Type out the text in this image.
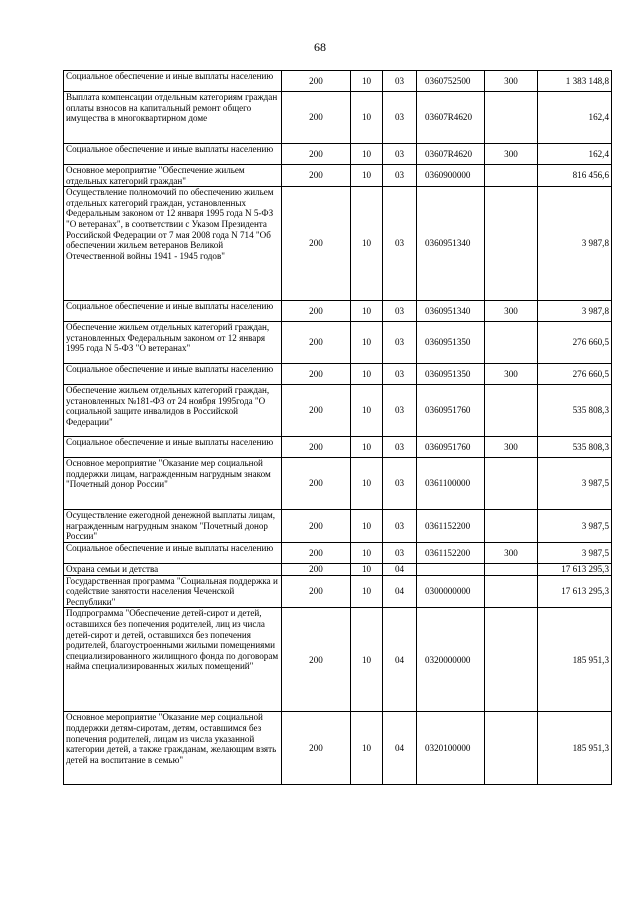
68
Социальное обеспечение и иные выплаты населению	200	10	03	0360752500	300	1 383 148,8
Выплата компенсации отдельным категориям граждан оплаты взносов на капитальный ремонт общего имущества в многоквартирном доме	200	10	03	03607R4620		162,4
Социальное обеспечение и иные выплаты населению	200	10	03	03607R4620	300	162,4
Основное мероприятие "Обеспечение жильем отдельных категорий граждан"	200	10	03	0360900000		816 456,6
Осуществление полномочий по обеспечению жильем отдельных категорий граждан, установленных Федеральным законом от 12 января 1995 года N 5-ФЗ "О ветеранах", в соответствии с Указом Президента Российской Федерации от 7 мая 2008 года N 714 "Об обеспечении жильем ветеранов Великой Отечественной войны 1941 - 1945 годов"	200	10	03	0360951340		3 987,8
Социальное обеспечение и иные выплаты населению	200	10	03	0360951340	300	3 987,8
Обеспечение жильем отдельных категорий граждан, установленных Федеральным законом от 12 января 1995 года N 5-ФЗ "О ветеранах"	200	10	03	0360951350		276 660,5
Социальное обеспечение и иные выплаты населению	200	10	03	0360951350	300	276 660,5
Обеспечение жильем отдельных категорий граждан, установленных №181-ФЗ от 24 ноября 1995года "О социальной защите инвалидов в Российской Федерации"	200	10	03	0360951760		535 808,3
Социальное обеспечение и иные выплаты населению	200	10	03	0360951760	300	535 808,3
Основное мероприятие "Оказание мер социальной поддержки лицам, награжденным нагрудным знаком "Почетный донор России"	200	10	03	0361100000		3 987,5
Осуществление ежегодной денежной выплаты лицам, награжденным нагрудным знаком "Почетный донор России"	200	10	03	0361152200		3 987,5
Социальное обеспечение и иные выплаты населению	200	10	03	0361152200	300	3 987,5
Охрана семьи и детства	200	10	04			17 613 295,3
Государственная программа "Социальная поддержка и содействие занятости населения Чеченской Республики"	200	10	04	0300000000		17 613 295,3
Подпрограмма "Обеспечение детей-сирот и детей, оставшихся без попечения родителей, лиц из числа детей-сирот и детей, оставшихся без попечения родителей, благоустроенными жилыми помещениями специализированного жилищного фонда по договорам найма специализированных жилых помещений"	200	10	04	0320000000		185 951,3
Основное мероприятие "Оказание мер социальной поддержки детям-сиротам, детям, оставшимся без попечения родителей, лицам из числа указанной категории детей, а также гражданам, желающим взять детей на воспитание в семью"	200	10	04	0320100000		185 951,3
